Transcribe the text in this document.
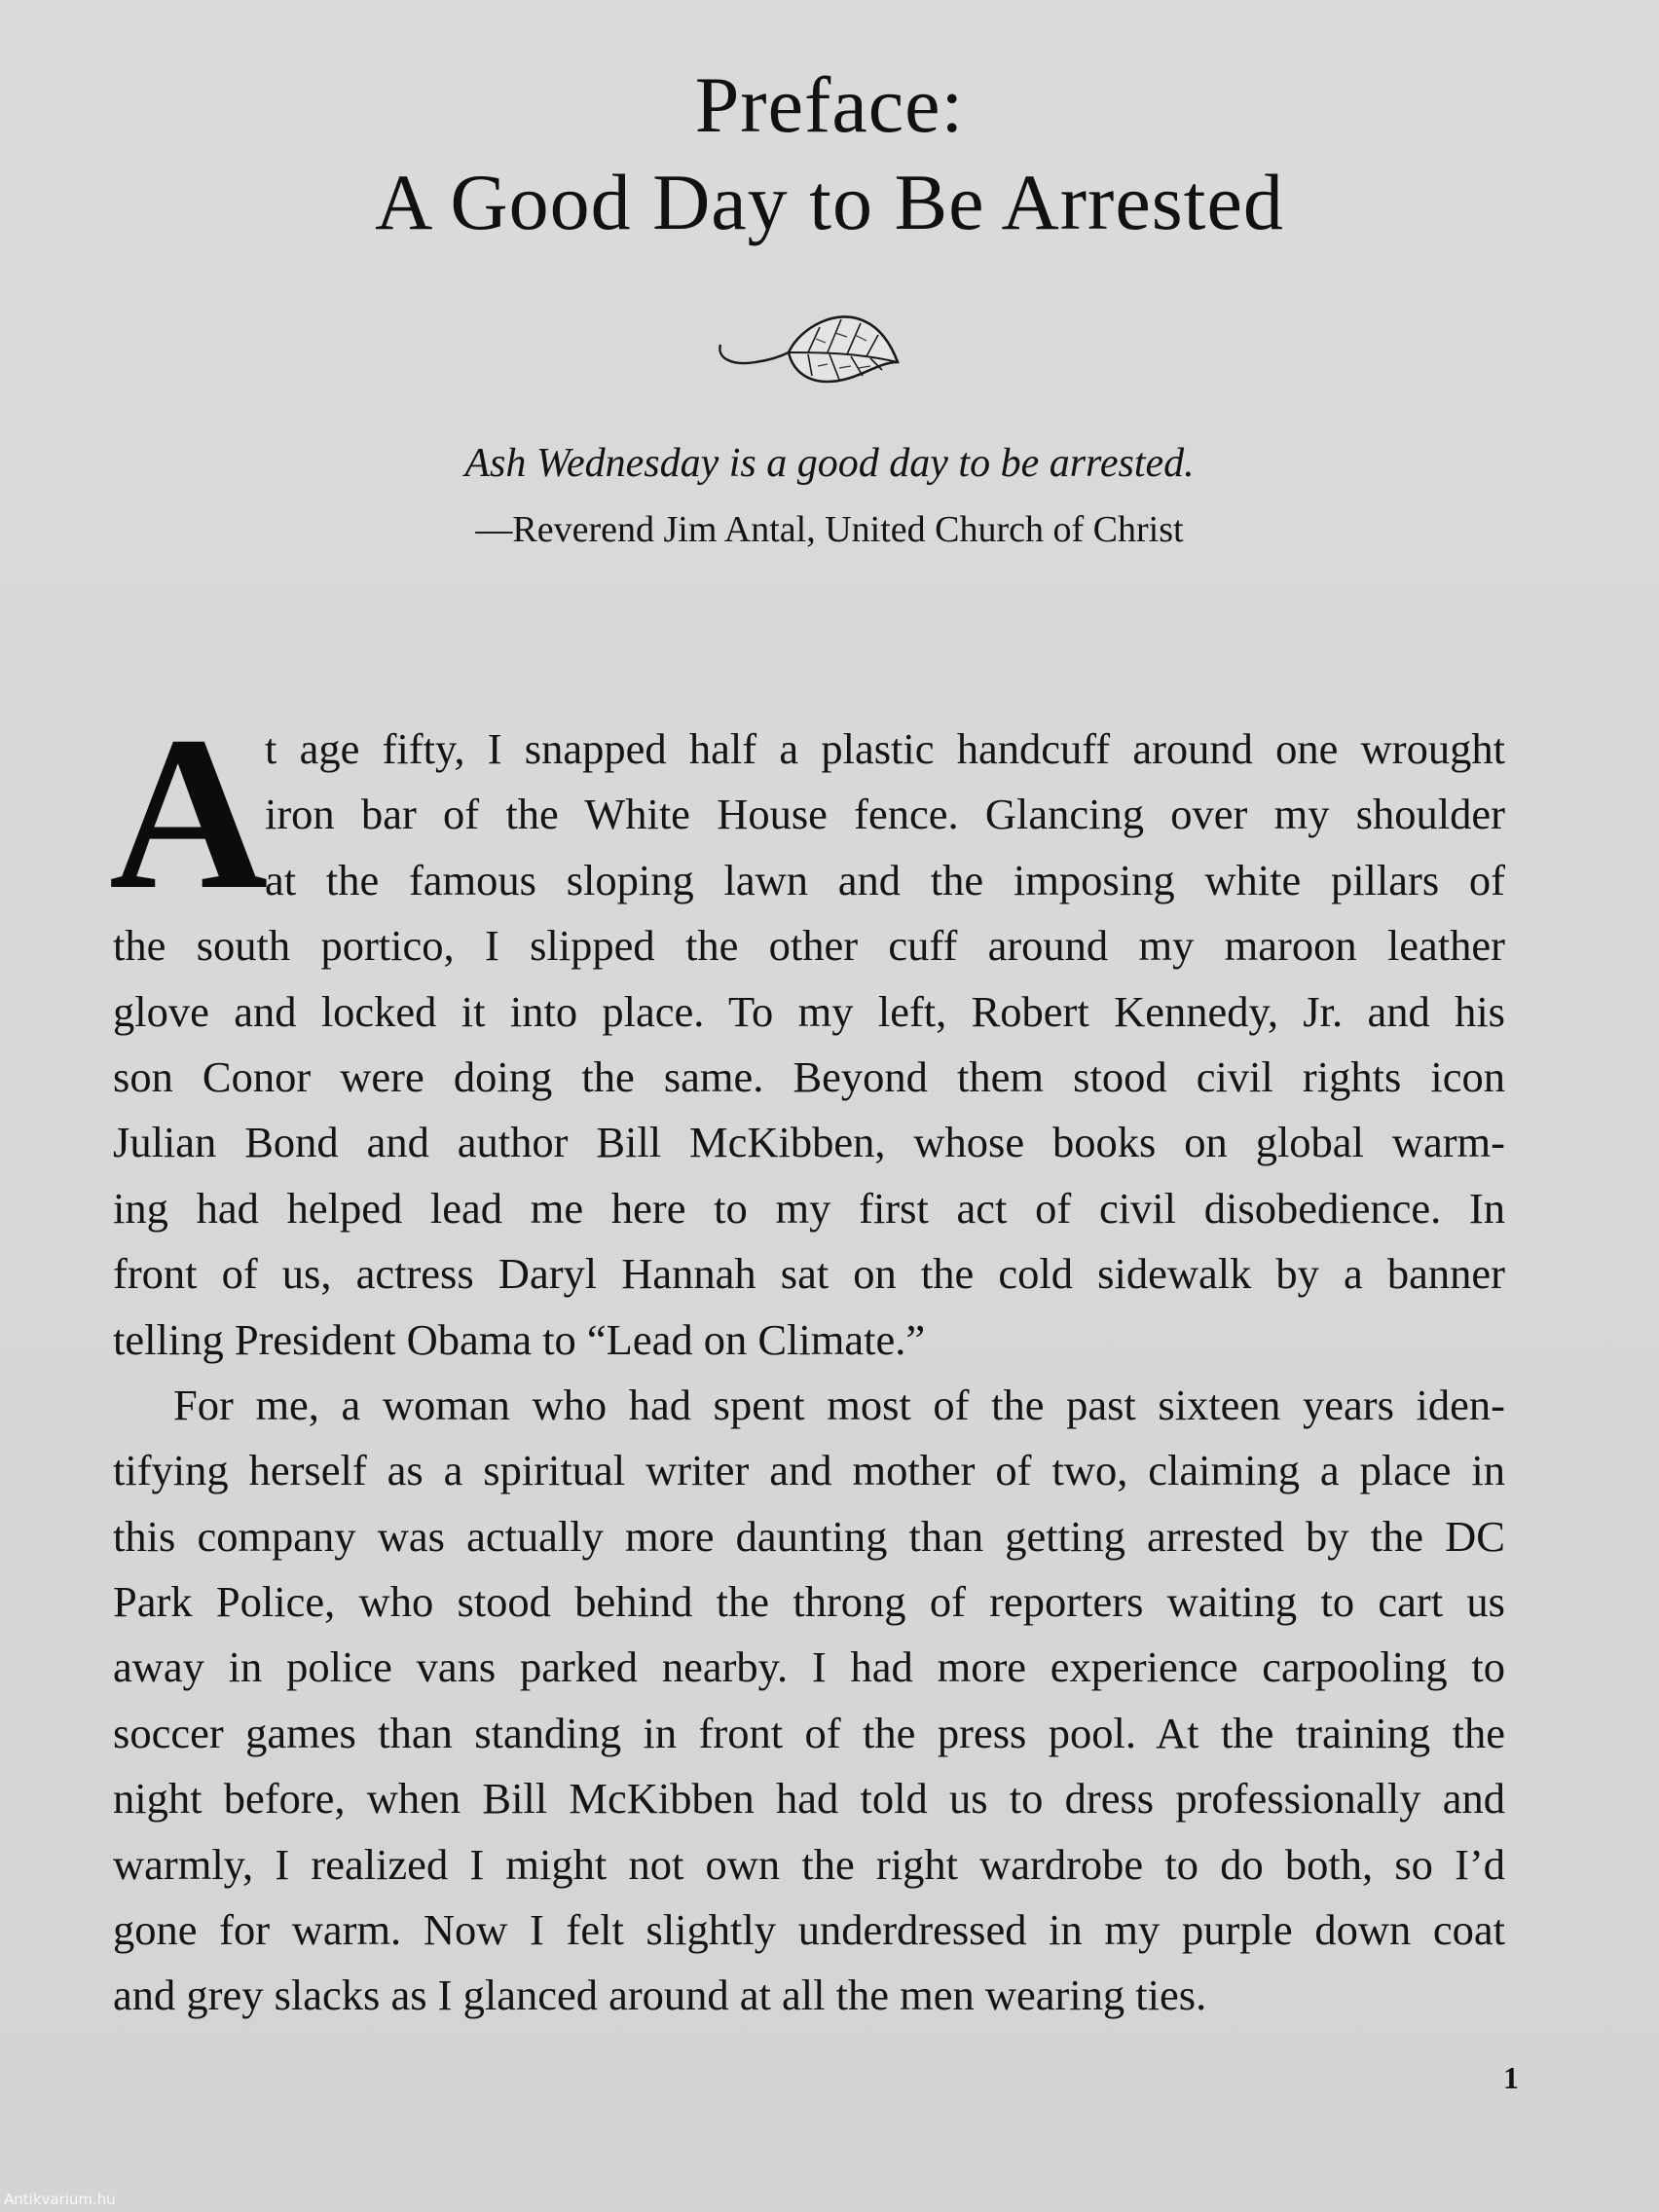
Preface:
A Good Day to Be Arrested
Ash Wednesday is a good day to be arrested.
—Reverend Jim Antal, United Church of Christ
A
t age fifty, I snapped half a plastic handcuff around one wrought
iron bar of the White House fence. Glancing over my shoulder
at the famous sloping lawn and the imposing white pillars of
the south portico, I slipped the other cuff around my maroon leather
glove and locked it into place. To my left, Robert Kennedy, Jr. and his
son Conor were doing the same. Beyond them stood civil rights icon
Julian Bond and author Bill McKibben, whose books on global warm-
ing had helped lead me here to my first act of civil disobedience. In
front of us, actress Daryl Hannah sat on the cold sidewalk by a banner
telling President Obama to “Lead on Climate.”
For me, a woman who had spent most of the past sixteen years iden-
tifying herself as a spiritual writer and mother of two, claiming a place in
this company was actually more daunting than getting arrested by the DC
Park Police, who stood behind the throng of reporters waiting to cart us
away in police vans parked nearby. I had more experience carpooling to
soccer games than standing in front of the press pool. At the training the
night before, when Bill McKibben had told us to dress professionally and
warmly, I realized I might not own the right wardrobe to do both, so I’d
gone for warm. Now I felt slightly underdressed in my purple down coat
and grey slacks as I glanced around at all the men wearing ties.
1
Antikvarium.hu
